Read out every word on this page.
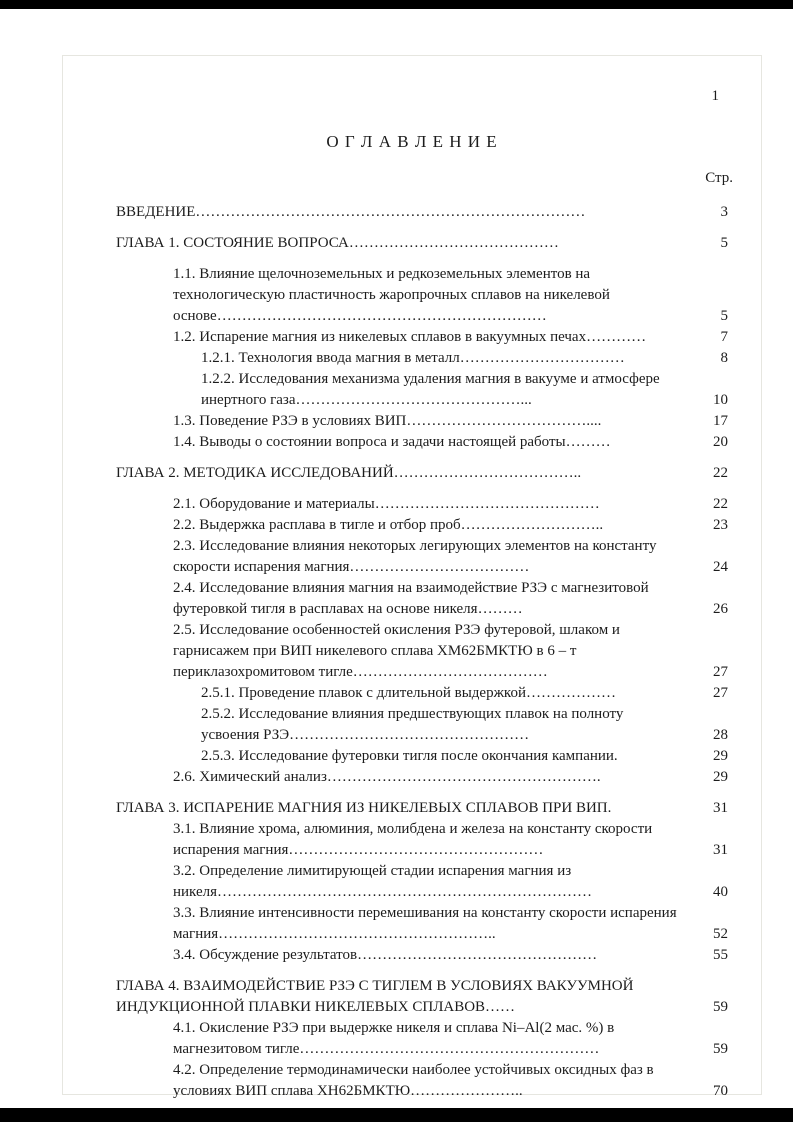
1
О Г Л А В Л Е Н И Е
Стр.
ВВЕДЕНИЕ……………………………………………………………………	3
ГЛАВА 1. СОСТОЯНИЕ ВОПРОСА……………………………………	5
1.1. Влияние щелочноземельных и редкоземельных элементов на технологическую пластичность жаропрочных сплавов на никелевой основе…………………………………………………………	5
1.2. Испарение магния из никелевых сплавов в вакуумных печах…………	7
1.2.1. Технология ввода магния в металл……………………………	8
1.2.2. Исследования механизма удаления магния в вакууме и атмосфере инертного газа………………………………………...	10
1.3. Поведение РЗЭ в условиях ВИП………………………………....	17
1.4. Выводы о состоянии вопроса и задачи настоящей работы………	20
ГЛАВА 2. МЕТОДИКА ИССЛЕДОВАНИЙ………………………………..	22
2.1. Оборудование и материалы………………………………………	22
2.2. Выдержка расплава в тигле и отбор проб………………………..	23
2.3. Исследование влияния некоторых легирующих элементов на константу скорости испарения магния………………………………	24
2.4. Исследование влияния магния на взаимодействие РЗЭ с магнезитовой футеровкой тигля в расплавах на основе никеля………	26
2.5. Исследование особенностей окисления РЗЭ футеровой, шлаком и гарнисажем при ВИП никелевого сплава ХМ62БМКТЮ в 6 – т периклазохромитовом тигле…………………………………	27
2.5.1. Проведение плавок с длительной выдержкой………………	27
2.5.2. Исследование влияния предшествующих плавок на полноту усвоения РЗЭ…………………………………………	28
2.5.3. Исследование футеровки тигля после окончания кампании.	29
2.6. Химический анализ……………………………………………….	29
ГЛАВА 3. ИСПАРЕНИЕ МАГНИЯ ИЗ НИКЕЛЕВЫХ СПЛАВОВ ПРИ ВИП.	31
3.1. Влияние хрома, алюминия, молибдена и железа на константу скорости испарения магния……………………………………………	31
3.2. Определение лимитирующей стадии испарения магния из никеля…………………………………………………………………	40
3.3. Влияние интенсивности перемешивания на константу скорости испарения магния………………………………………………..	52
3.4. Обсуждение результатов…………………………………………	55
ГЛАВА 4. ВЗАИМОДЕЙСТВИЕ РЗЭ С ТИГЛЕМ В УСЛОВИЯХ ВАКУУМНОЙ ИНДУКЦИОННОЙ ПЛАВКИ НИКЕЛЕВЫХ СПЛАВОВ……	59
4.1. Окисление РЗЭ при выдержке никеля и сплава Ni–Al(2 мас. %) в магнезитовом тигле……………………………………………………	59
4.2. Определение термодинамически наиболее устойчивых оксидных фаз в условиях ВИП сплава ХН62БМКТЮ…………………..	70
